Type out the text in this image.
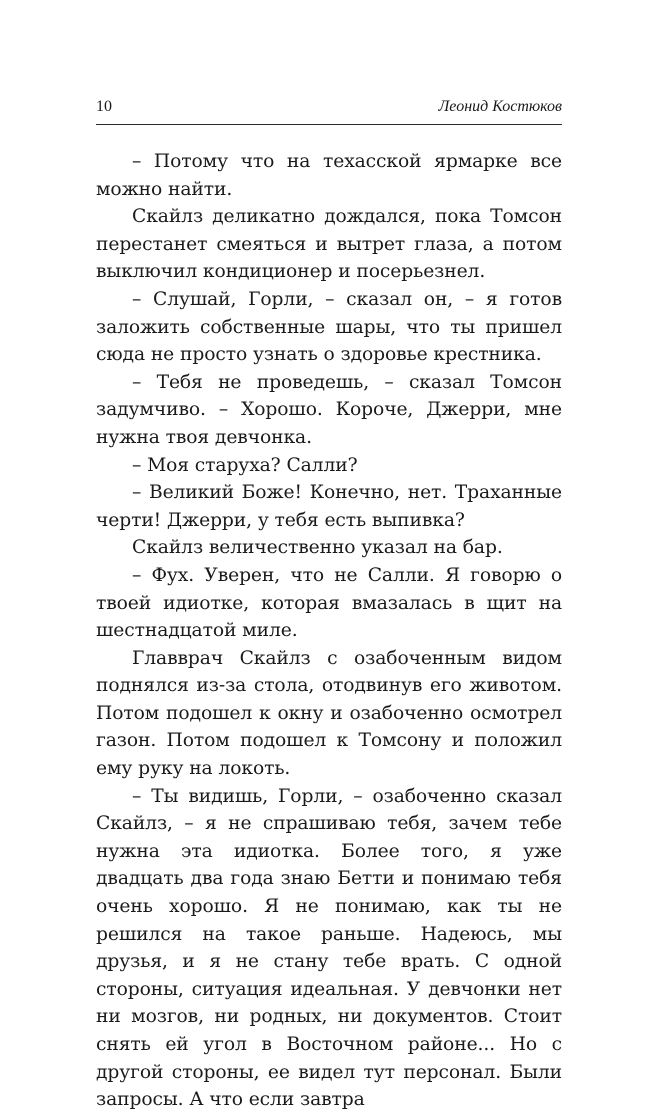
10	Леонид Костюков

– Потому что на техасской ярмарке все можно найти.

Скайлз деликатно дождался, пока Томсон перестанет смеяться и вытрет глаза, а потом выключил кондиционер и посерьезнел.

– Слушай, Горли, – сказал он, – я готов заложить собственные шары, что ты пришел сюда не просто узнать о здоровье крестника.

– Тебя не проведешь, – сказал Томсон задумчиво. – Хорошо. Короче, Джерри, мне нужна твоя девчонка.

– Моя старуха? Салли?

– Великий Боже! Конечно, нет. Траханные черти! Джерри, у тебя есть выпивка?

Скайлз величественно указал на бар.

– Фух. Уверен, что не Салли. Я говорю о твоей идиотке, которая вмазалась в щит на шестнадцатой миле.

Главврач Скайлз с озабоченным видом поднялся из-за стола, отодвинув его животом. Потом подошел к окну и озабоченно осмотрел газон. Потом подошел к Томсону и положил ему руку на локоть.

– Ты видишь, Горли, – озабоченно сказал Скайлз, – я не спрашиваю тебя, зачем тебе нужна эта идиотка. Более того, я уже двадцать два года знаю Бетти и понимаю тебя очень хорошо. Я не понимаю, как ты не решился на такое раньше. Надеюсь, мы друзья, и я не стану тебе врать. С одной стороны, ситуация идеальная. У девчонки нет ни мозгов, ни родных, ни документов. Стоит снять ей угол в Восточном районе... Но с другой стороны, ее видел тут персонал. Были запросы. А что если завтра
